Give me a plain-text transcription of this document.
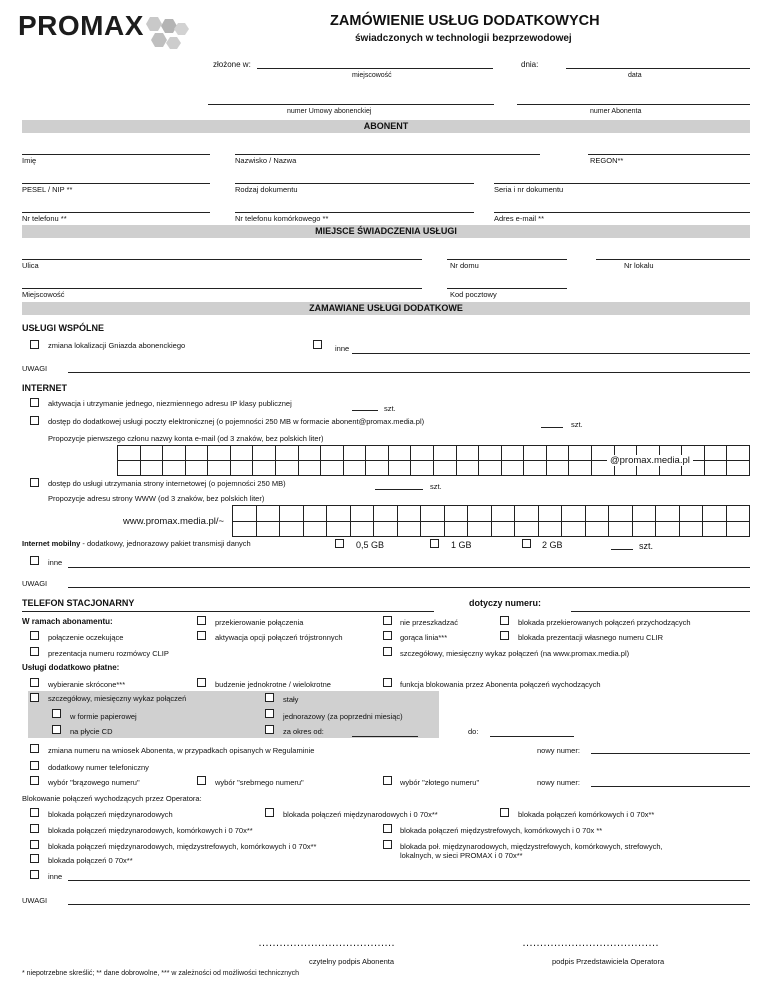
PROMAX	ZAMÓWIENIE USŁUG DODATKOWYCH
świadczonych w technologii bezprzewodowej
złożone w:	dnia:
miejscowość	data
numer Umowy abonenckiej	numer Abonenta
ABONENT
Imię	Nazwisko / Nazwa	REGON**
PESEL / NIP **	Rodzaj dokumentu	Seria i nr dokumentu
Nr telefonu **	Nr telefonu komórkowego **	Adres e-mail **
MIEJSCE ŚWIADCZENIA USŁUGI
Ulica	Nr domu	Nr lokalu
Miejscowość	Kod pocztowy
ZAMAWIANE USŁUGI DODATKOWE
USŁUGI WSPÓLNE
zmiana lokalizacji Gniazda abonenckiego	inne
UWAGI
INTERNET
aktywacja i utrzymanie jednego, niezmiennego adresu IP klasy publicznej
szt.
dostęp do dodatkowej usługi poczty elektronicznej (o pojemności 250 MB w formacie abonent@promax.media.pl)	szt.
Propozycje pierwszego członu nazwy konta e-mail (od 3 znaków, bez polskich liter)
@promax.media.pl
dostęp do usługi utrzymania strony internetowej (o pojemności 250 MB)	szt.
Propozycje adresu strony WWW (od 3 znaków, bez polskich liter)
www.promax.media.pl/~
Internet mobilny - dodatkowy, jednorazowy pakiet transmisji danych	0,5 GB	1 GB	2 GB	szt.
inne
UWAGI
TELEFON STACJONARNY	dotyczy numeru:
W ramach abonamentu:	przekierowanie połączenia	nie przeszkadzać	blokada przekierowanych połączeń przychodzących
połączenie oczekujące	aktywacja opcji połączeń trójstronnych	gorąca linia***	blokada prezentacji własnego numeru CLIR
prezentacja numeru rozmówcy CLIP	szczegółowy, miesięczny wykaz połączeń (na www.promax.media.pl)
Usługi dodatkowo płatne:
wybieranie skrócone***	budzenie jednokrotne / wielokrotne	funkcja blokowania przez Abonenta połączeń wychodzących
szczegółowy, miesięczny wykaz połączeń	stały
w formie papierowej	jednorazowy (za poprzedni miesiąc)
na płycie CD	za okres od:	do:
zmiana numeru na wniosek Abonenta, w przypadkach opisanych w Regulaminie	nowy numer:
dodatkowy numer telefoniczny
wybór "brązowego numeru"	wybór "srebrnego numeru"	wybór "złotego numeru"	nowy numer:
Blokowanie połączeń wychodzących przez Operatora:
blokada połączeń międzynarodowych	blokada połączeń międzynarodowych i 0 70x**	blokada połączeń komórkowych i 0 70x**
blokada połączeń międzynarodowych, komórkowych i 0 70x**	blokada połączeń międzystrefowych, komórkowych i 0 70x **
blokada połączeń międzynarodowych, międzystrefowych, komórkowych i 0 70x**	blokada poł. międzynarodowych, międzystrefowych, komórkowych, strefowych,
lokalnych, w sieci PROMAX i 0 70x**
blokada połączeń 0 70x**
inne
UWAGI
…………………………………
czytelny podpis Abonenta
…………………………………
podpis Przedstawiciela Operatora
* niepotrzebne skreślić; ** dane dobrowolne, *** w zależności od możliwości technicznych
